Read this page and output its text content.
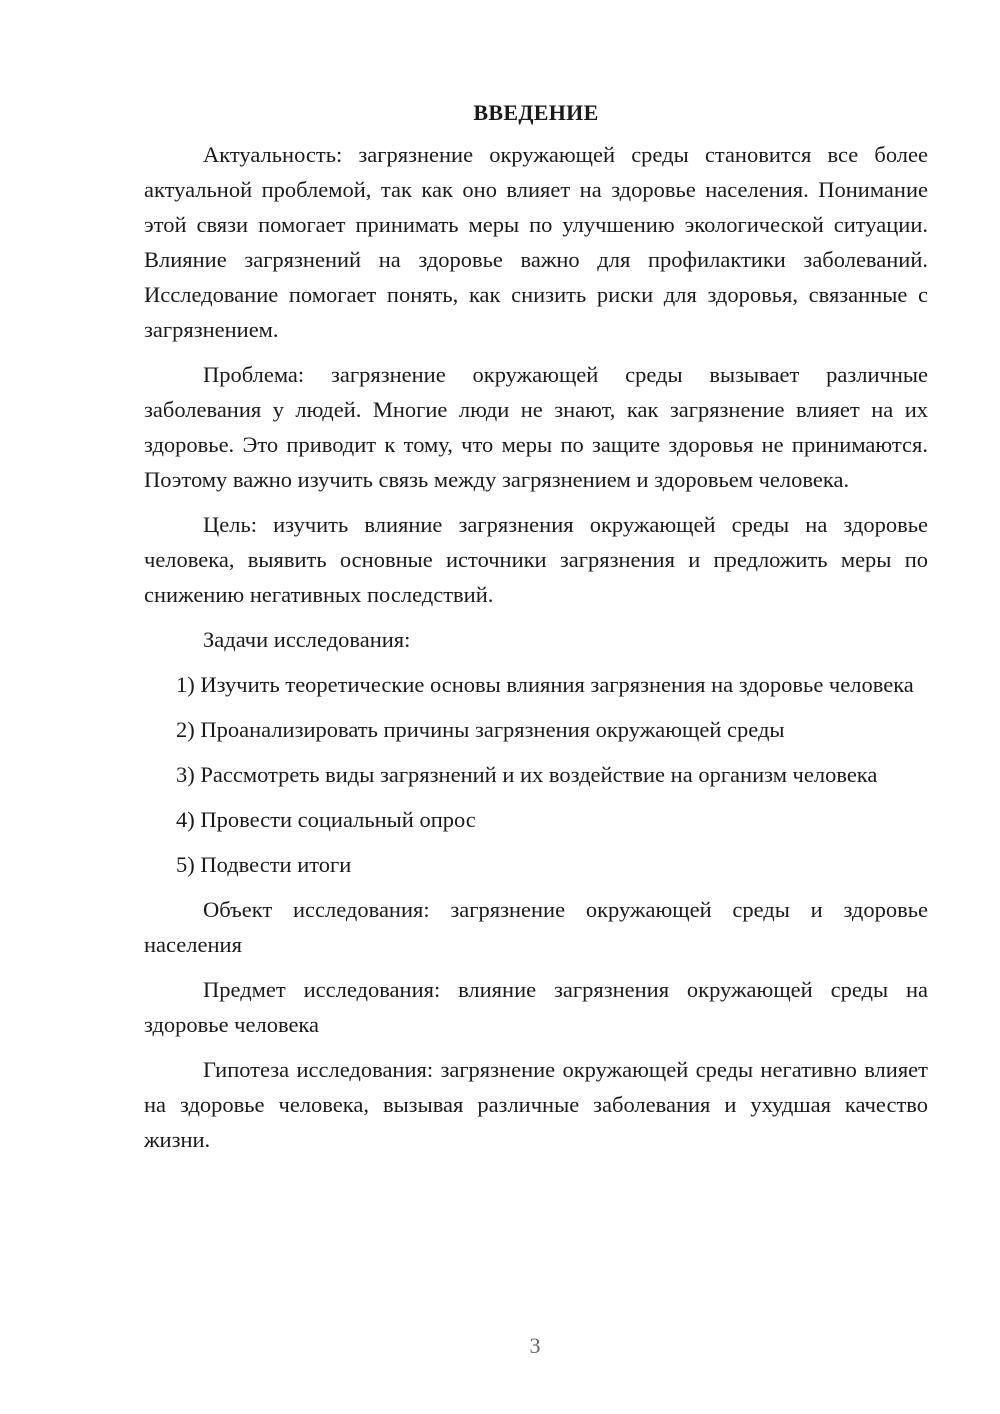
ВВЕДЕНИЕ

Актуальность: загрязнение окружающей среды становится все более актуальной проблемой, так как оно влияет на здоровье населения. Понимание этой связи помогает принимать меры по улучшению экологической ситуации. Влияние загрязнений на здоровье важно для профилактики заболеваний. Исследование помогает понять, как снизить риски для здоровья, связанные с загрязнением.

Проблема: загрязнение окружающей среды вызывает различные заболевания у людей. Многие люди не знают, как загрязнение влияет на их здоровье. Это приводит к тому, что меры по защите здоровья не принимаются. Поэтому важно изучить связь между загрязнением и здоровьем человека.

Цель: изучить влияние загрязнения окружающей среды на здоровье человека, выявить основные источники загрязнения и предложить меры по снижению негативных последствий.

Задачи исследования:

1) Изучить теоретические основы влияния загрязнения на здоровье человека

2) Проанализировать причины загрязнения окружающей среды

3) Рассмотреть виды загрязнений и их воздействие на организм человека

4) Провести социальный опрос

5) Подвести итоги

Объект исследования: загрязнение окружающей среды и здоровье населения

Предмет исследования: влияние загрязнения окружающей среды на здоровье человека

Гипотеза исследования: загрязнение окружающей среды негативно влияет на здоровье человека, вызывая различные заболевания и ухудшая качество жизни.

3
